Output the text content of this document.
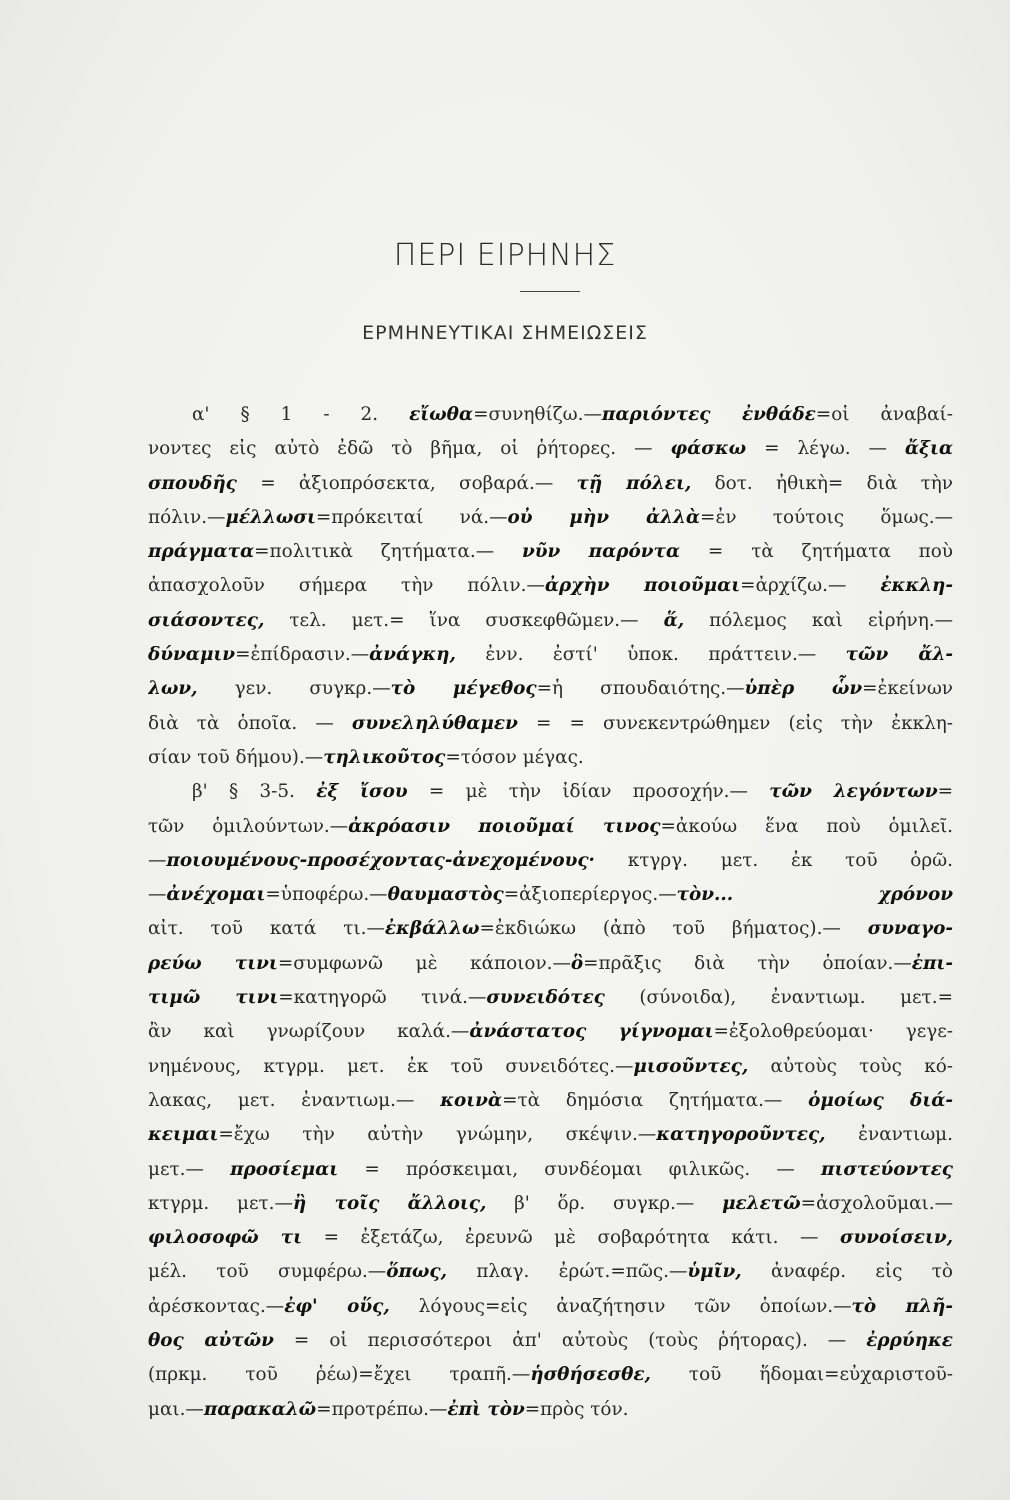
ΠΕΡΙ ΕΙΡΗΝΗΣ
ΕΡΜΗΝΕΥΤΙΚΑΙ ΣΗΜΕΙΩΣΕΙΣ
α' § 1 - 2. εἴωθα=συνηθίζω.—παριόντες ἐνθάδε=οἱ ἀναβαί-
νοντες εἰς αὐτὸ ἐδῶ τὸ βῆμα, οἱ ῥήτορες. — φάσκω = λέγω. — ἄξια
σπουδῆς = ἀξιοπρόσεκτα, σοβαρά.— τῇ πόλει, δοτ. ἠθικὴ= διὰ τὴν
πόλιν.—μέλλωσι=πρόκειταί νά.—οὐ μὴν ἀλλὰ=ἐν τούτοις ὅμως.—
πράγματα=πολιτικὰ ζητήματα.— νῦν παρόντα = τὰ ζητήματα ποὺ
ἀπασχολοῦν σήμερα τὴν πόλιν.—ἀρχὴν ποιοῦμαι=ἀρχίζω.— ἐκκλη-
σιάσοντες, τελ. μετ.= ἵνα συσκεφθῶμεν.— ἅ, πόλεμος καὶ εἰρήνη.—
δύναμιν=ἐπίδρασιν.—ἀνάγκη, ἐνν. ἐστί' ὑποκ. πράττειν.— τῶν ἄλ-
λων, γεν. συγκρ.—τὸ μέγεθος=ἡ σπουδαιότης.—ὑπὲρ ὧν=ἐκείνων
διὰ τὰ ὁποῖα. — συνεληλύθαμεν = = συνεκεντρώθημεν (εἰς τὴν ἐκκλη-
σίαν τοῦ δήμου).—τηλικοῦτος=τόσον μέγας.
β' § 3-5. ἐξ ἴσου = μὲ τὴν ἰδίαν προσοχήν.— τῶν λεγόντων=
τῶν ὁμιλούντων.—ἀκρόασιν ποιοῦμαί τινος=ἀκούω ἕνα ποὺ ὁμιλεῖ.
—ποιουμένους-προσέχοντας-ἀνεχομένους· κτγργ. μετ. ἐκ τοῦ ὁρῶ.
—ἀνέχομαι=ὑποφέρω.—θαυμαστὸς=ἀξιοπερίεργος.—τὸν... χρόνον
αἰτ. τοῦ κατά τι.—ἐκβάλλω=ἐκδιώκω (ἀπὸ τοῦ βήματος).— συναγο-
ρεύω τινι=συμφωνῶ μὲ κάποιον.—ὃ=πρᾶξις διὰ τὴν ὁποίαν.—ἐπι-
τιμῶ τινι=κατηγορῶ τινά.—συνειδότες (σύνοιδα), ἐναντιωμ. μετ.=
ἂν καὶ γνωρίζουν καλά.—ἀνάστατος γίγνομαι=ἐξολοθρεύομαι· γεγε-
νημένους, κτγρμ. μετ. ἐκ τοῦ συνειδότες.—μισοῦντες, αὐτοὺς τοὺς κό-
λακας, μετ. ἐναντιωμ.— κοινὰ=τὰ δημόσια ζητήματα.— ὁμοίως διά-
κειμαι=ἔχω τὴν αὐτὴν γνώμην, σκέψιν.—κατηγοροῦντες, ἐναντιωμ.
μετ.— προσίεμαι = πρόσκειμαι, συνδέομαι φιλικῶς. — πιστεύοντες
κτγρμ. μετ.—ἢ τοῖς ἄλλοις, β' ὅρ. συγκρ.— μελετῶ=ἀσχολοῦμαι.—
φιλοσοφῶ τι = ἐξετάζω, ἐρευνῶ μὲ σοβαρότητα κάτι. — συνοίσειν,
μέλ. τοῦ συμφέρω.—ὅπως, πλαγ. ἐρώτ.=πῶς.—ὑμῖν, ἀναφέρ. εἰς τὸ
ἀρέσκοντας.—ἐφ' οὕς, λόγους=εἰς ἀναζήτησιν τῶν ὁποίων.—τὸ πλῆ-
θος αὐτῶν = οἱ περισσότεροι ἀπ' αὐτοὺς (τοὺς ῥήτορας). — ἐρρύηκε
(πρκμ. τοῦ ῥέω)=ἔχει τραπῆ.—ἡσθήσεσθε, τοῦ ἥδομαι=εὐχαριστοῦ-
μαι.—παρακαλῶ=προτρέπω.—ἐπὶ τὸν=πρὸς τόν.
